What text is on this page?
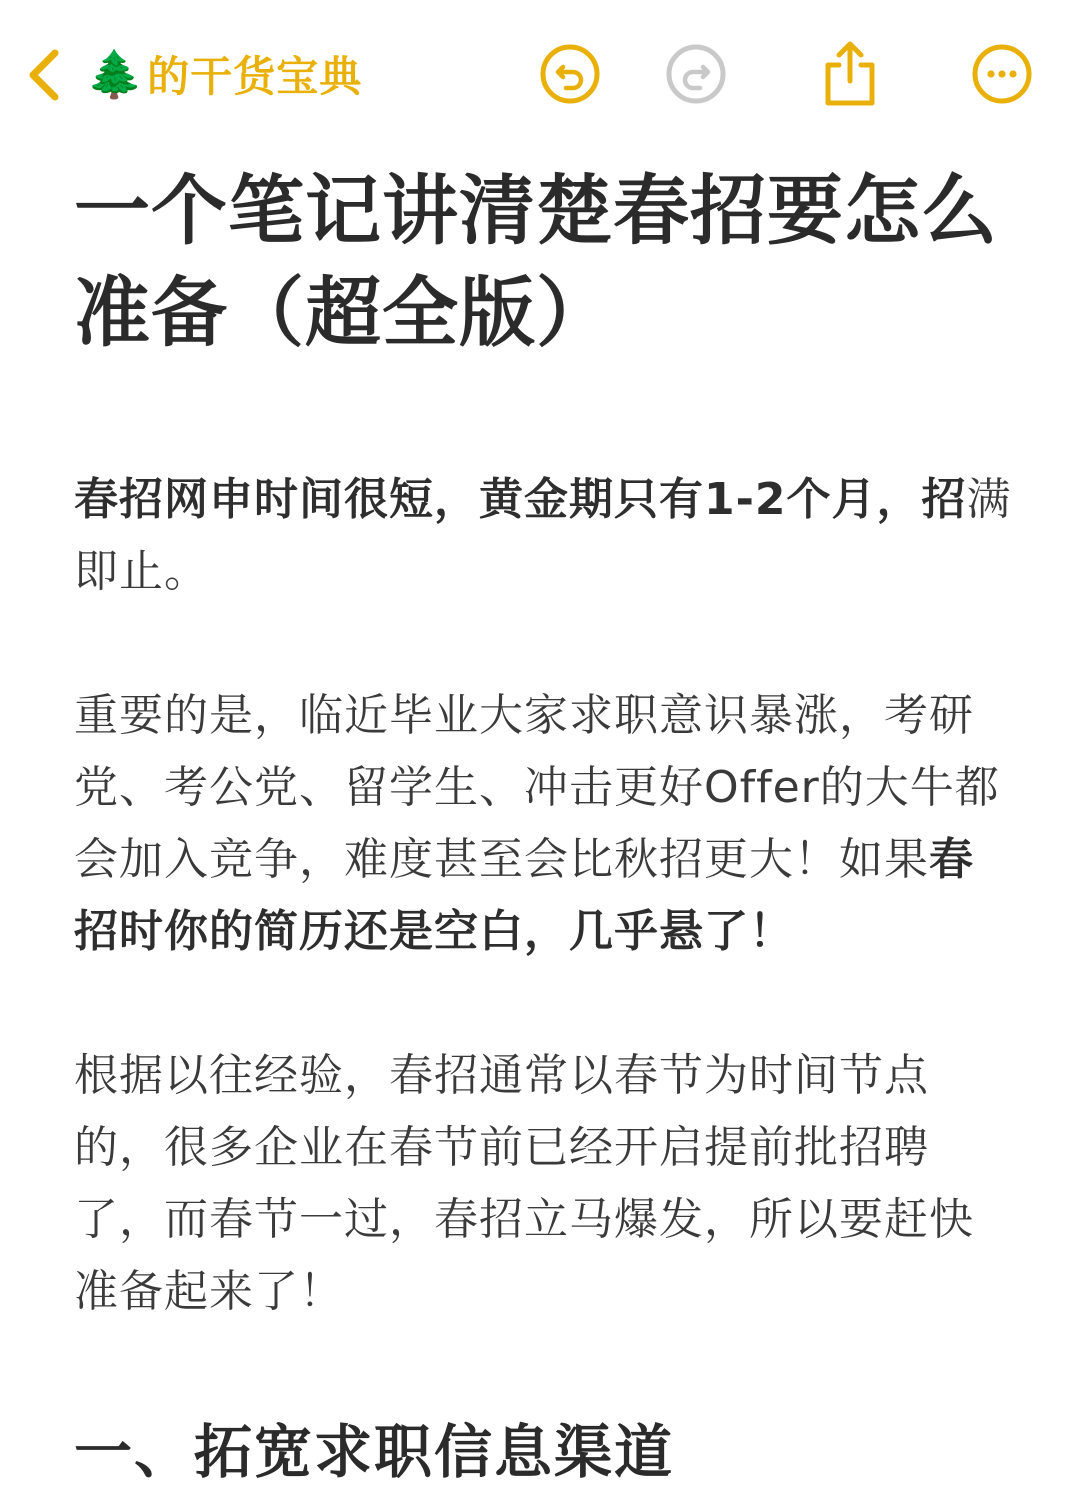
🌲 的干货宝典
一个笔记讲清楚春招要怎么准备（超全版）

春招网申时间很短，黄金期只有1-2个月，招满即止。

重要的是，临近毕业大家求职意识暴涨，考研党、考公党、留学生、冲击更好Offer的大牛都会加入竞争，难度甚至会比秋招更大！如果春招时你的简历还是空白，几乎悬了！

根据以往经验，春招通常以春节为时间节点的，很多企业在春节前已经开启提前批招聘了，而春节一过，春招立马爆发，所以要赶快准备起来了！

一、拓宽求职信息渠道
